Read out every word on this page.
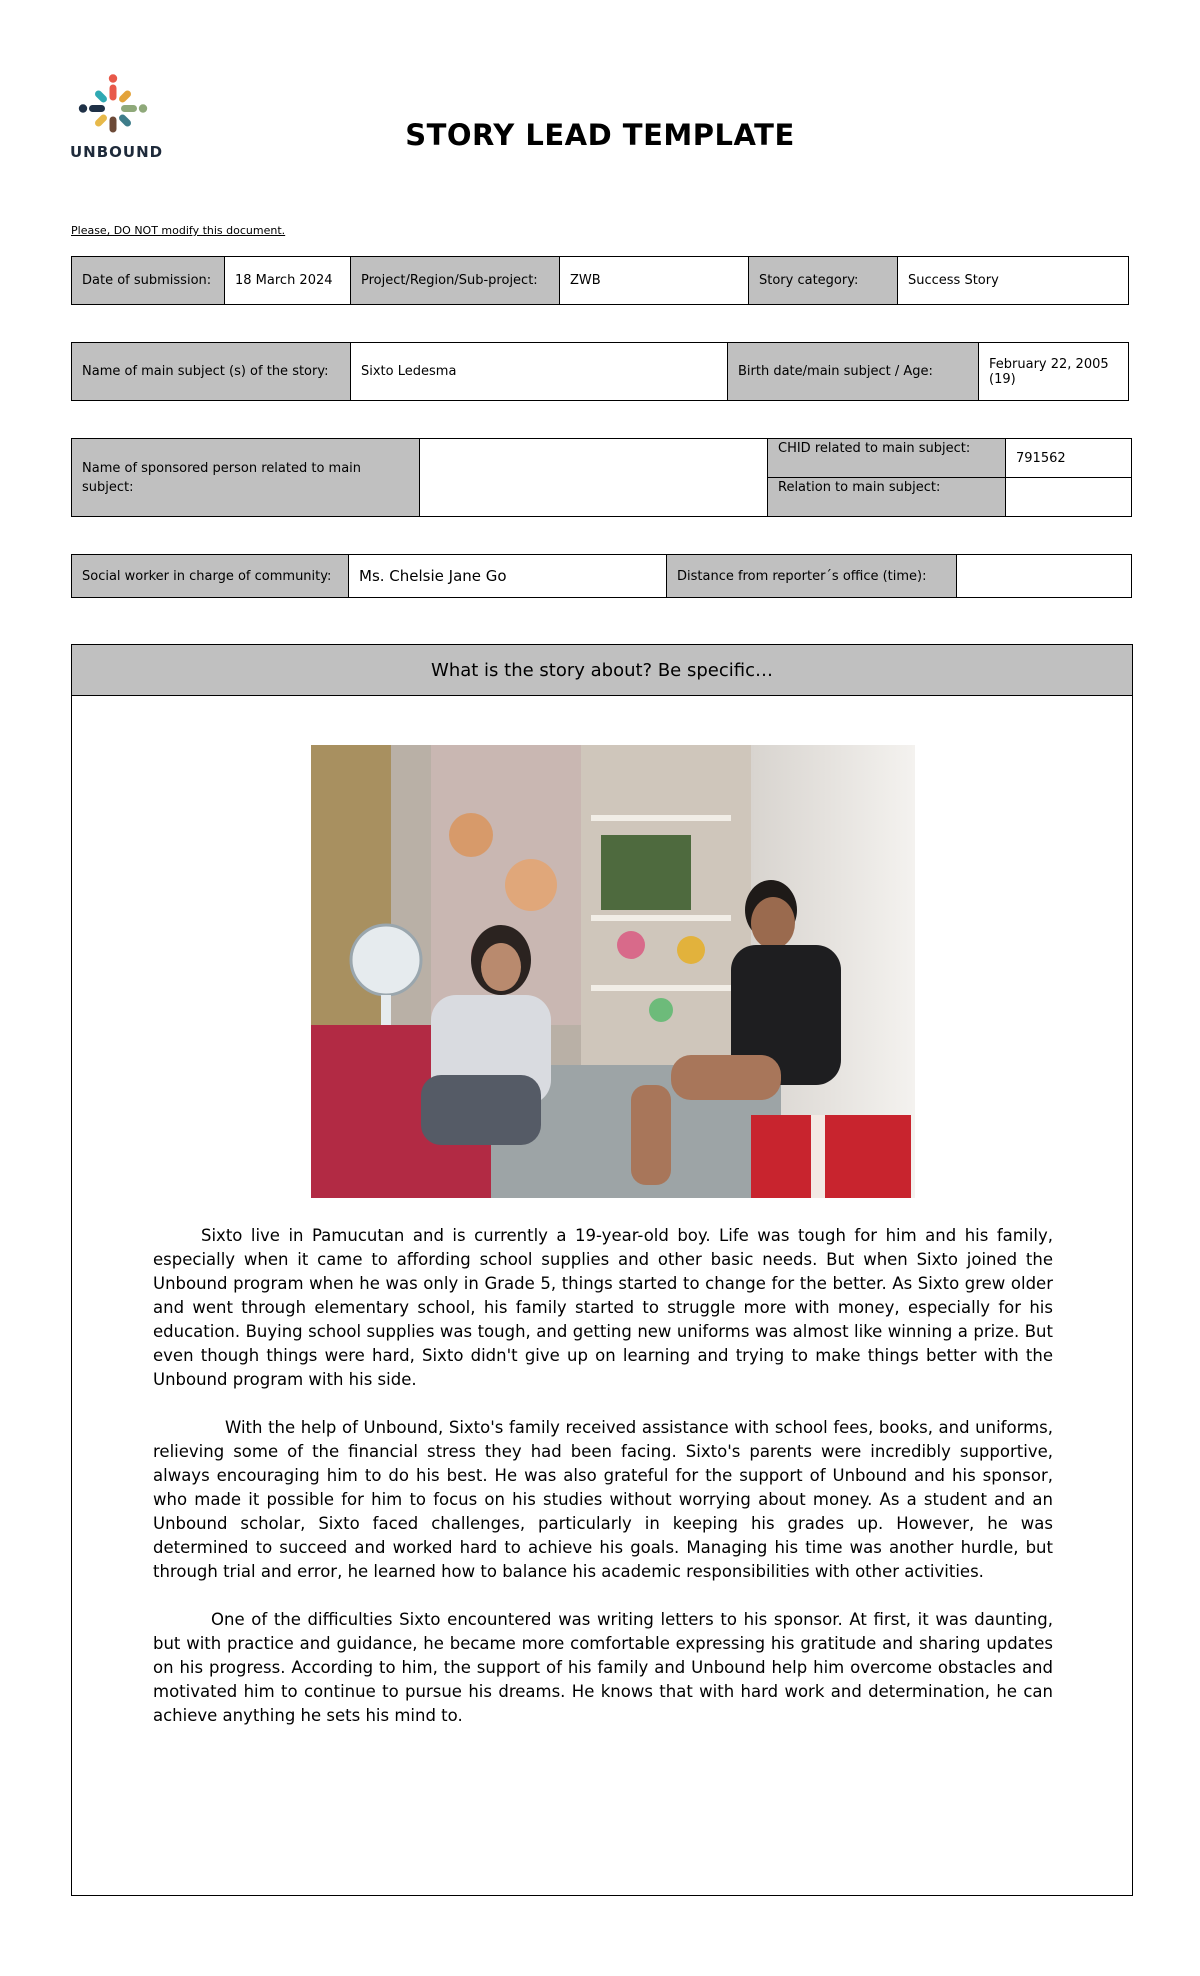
UNBOUND	STORY LEAD TEMPLATE
Please, DO NOT modify this document.
Date of submission:	18 March 2024	Project/Region/Sub-project:	ZWB	Story category:	Success Story
Name of main subject (s) of the story:	Sixto Ledesma	Birth date/main subject / Age:	February 22, 2005 (19)
Name of sponsored person related to main subject:		CHID related to main subject:	791562
		Relation to main subject:	
Social worker in charge of community:	Ms. Chelsie Jane Go	Distance from reporter´s office (time):	
What is the story about? Be specific…

Sixto live in Pamucutan and is currently a 19-year-old boy. Life was tough for him and his family, especially when it came to affording school supplies and other basic needs. But when Sixto joined the Unbound program when he was only in Grade 5, things started to change for the better. As Sixto grew older and went through elementary school, his family started to struggle more with money, especially for his education. Buying school supplies was tough, and getting new uniforms was almost like winning a prize. But even though things were hard, Sixto didn't give up on learning and trying to make things better with the Unbound program with his side.

With the help of Unbound, Sixto's family received assistance with school fees, books, and uniforms, relieving some of the financial stress they had been facing. Sixto's parents were incredibly supportive, always encouraging him to do his best. He was also grateful for the support of Unbound and his sponsor, who made it possible for him to focus on his studies without worrying about money. As a student and an Unbound scholar, Sixto faced challenges, particularly in keeping his grades up. However, he was determined to succeed and worked hard to achieve his goals. Managing his time was another hurdle, but through trial and error, he learned how to balance his academic responsibilities with other activities.

One of the difficulties Sixto encountered was writing letters to his sponsor. At first, it was daunting, but with practice and guidance, he became more comfortable expressing his gratitude and sharing updates on his progress. According to him, the support of his family and Unbound help him overcome obstacles and motivated him to continue to pursue his dreams. He knows that with hard work and determination, he can achieve anything he sets his mind to.
